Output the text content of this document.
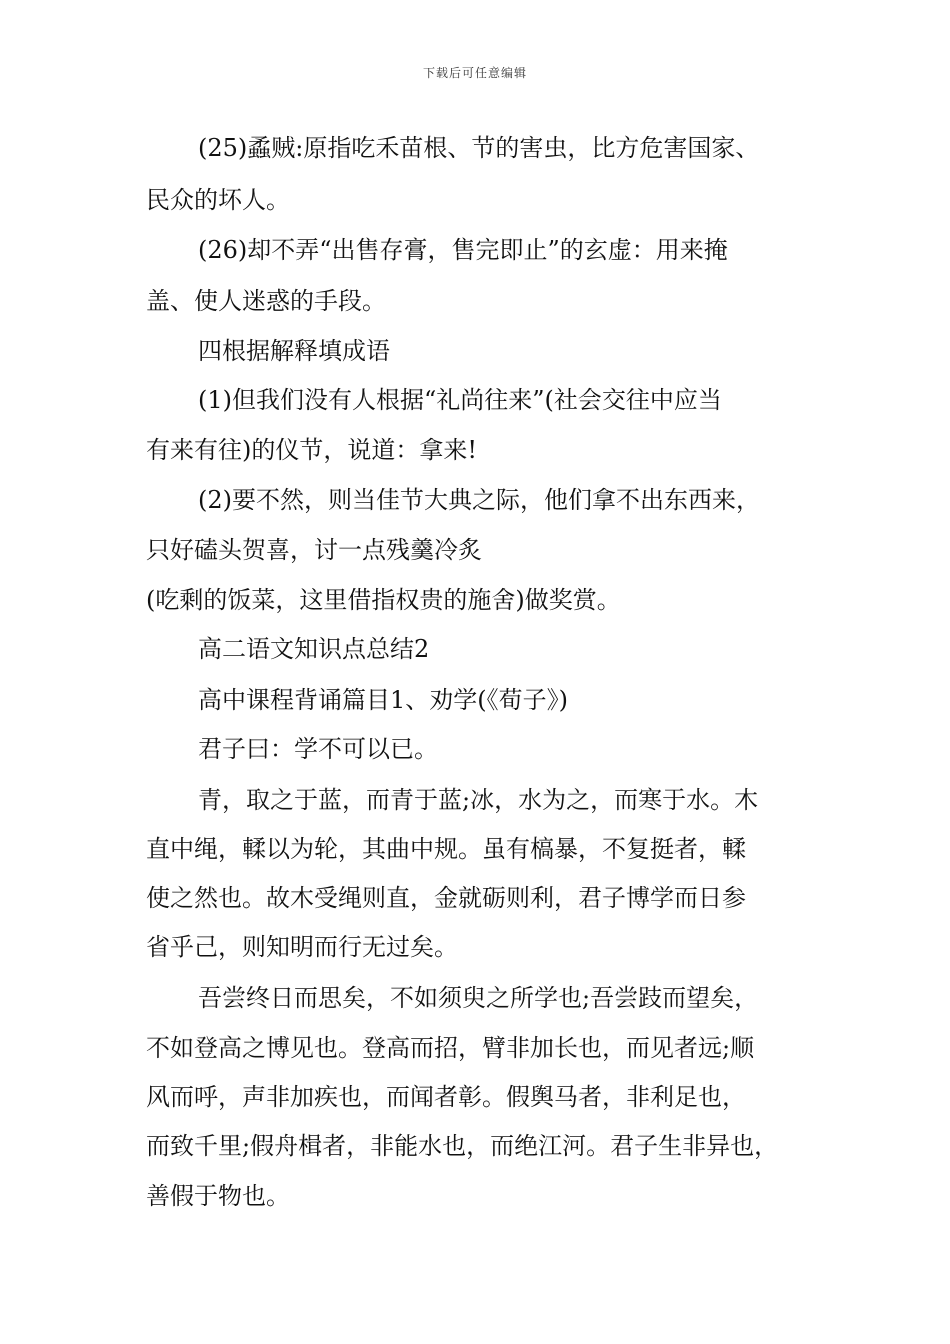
下载后可任意编辑
(25)蟊贼:原指吃禾苗根、节的害虫，比方危害国家、
民众的坏人。
(26)却不弄“出售存膏，售完即止”的玄虚：用来掩
盖、使人迷惑的手段。
四根据解释填成语
(1)但我们没有人根据“礼尚往来”(社会交往中应当
有来有往)的仪节，说道：拿来!
(2)要不然，则当佳节大典之际，他们拿不出东西来，
只好磕头贺喜，讨一点残羹冷炙
(吃剩的饭菜，这里借指权贵的施舍)做奖赏。
高二语文知识点总结2
高中课程背诵篇目1、劝学(《荀子》)
君子曰：学不可以已。
青，取之于蓝，而青于蓝;冰，水为之，而寒于水。木
直中绳，輮以为轮，其曲中规。虽有槁暴，不复挺者，輮
使之然也。故木受绳则直，金就砺则利，君子博学而日参
省乎己，则知明而行无过矣。
吾尝终日而思矣，不如须臾之所学也;吾尝跂而望矣，
不如登高之博见也。登高而招，臂非加长也，而见者远;顺
风而呼，声非加疾也，而闻者彰。假舆马者，非利足也，
而致千里;假舟楫者，非能水也，而绝江河。君子生非异也，
善假于物也。
